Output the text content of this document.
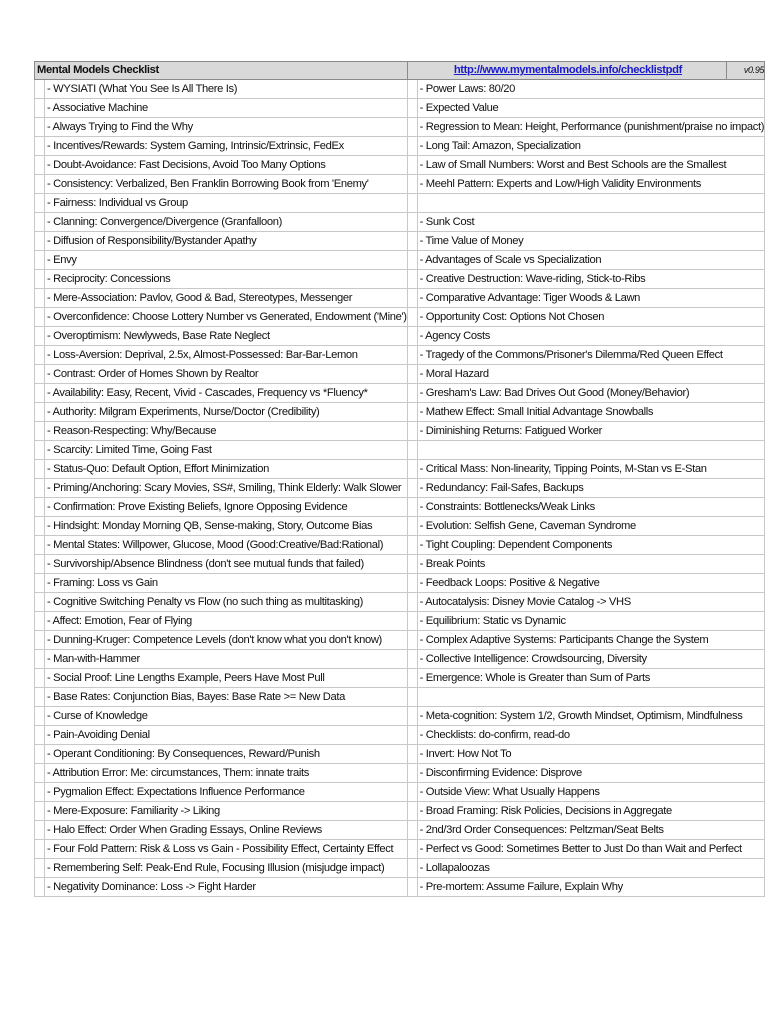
Mental Models Checklist		http://www.mymentalmodels.info/checklistpdf		v0.95
	- WYSIATI (What You See Is All There Is)		- Power Laws: 80/20	
	- Associative Machine		- Expected Value	
	- Always Trying to Find the Why		- Regression to Mean: Height, Performance (punishment/praise no impact)	
	- Incentives/Rewards: System Gaming, Intrinsic/Extrinsic, FedEx		- Long Tail: Amazon, Specialization	
	- Doubt-Avoidance: Fast Decisions, Avoid Too Many Options		- Law of Small Numbers: Worst and Best Schools are the Smallest	
	- Consistency: Verbalized, Ben Franklin Borrowing Book from 'Enemy'		- Meehl Pattern: Experts and Low/High Validity Environments	
	- Fairness: Individual vs Group			
	- Clanning: Convergence/Divergence (Granfalloon)		- Sunk Cost	
	- Diffusion of Responsibility/Bystander Apathy		- Time Value of Money	
	- Envy		- Advantages of Scale vs Specialization	
	- Reciprocity: Concessions		- Creative Destruction: Wave-riding, Stick-to-Ribs	
	- Mere-Association: Pavlov, Good & Bad, Stereotypes, Messenger		- Comparative Advantage: Tiger Woods & Lawn	
	- Overconfidence: Choose Lottery Number vs Generated, Endowment ('Mine')		- Opportunity Cost: Options Not Chosen	
	- Overoptimism: Newlyweds, Base Rate Neglect		- Agency Costs	
	- Loss-Aversion: Deprival, 2.5x, Almost-Possessed: Bar-Bar-Lemon		- Tragedy of the Commons/Prisoner's Dilemma/Red Queen Effect	
	- Contrast: Order of Homes Shown by Realtor		- Moral Hazard	
	- Availability: Easy, Recent, Vivid - Cascades, Frequency vs *Fluency*		- Gresham's Law: Bad Drives Out Good (Money/Behavior)	
	- Authority: Milgram Experiments, Nurse/Doctor (Credibility)		- Mathew Effect: Small Initial Advantage Snowballs	
	- Reason-Respecting: Why/Because		- Diminishing Returns: Fatigued Worker	
	- Scarcity: Limited Time, Going Fast			
	- Status-Quo: Default Option, Effort Minimization		- Critical Mass: Non-linearity, Tipping Points, M-Stan vs E-Stan	
	- Priming/Anchoring: Scary Movies, SS#, Smiling, Think Elderly: Walk Slower		- Redundancy: Fail-Safes, Backups	
	- Confirmation: Prove Existing Beliefs, Ignore Opposing Evidence		- Constraints: Bottlenecks/Weak Links	
	- Hindsight: Monday Morning QB, Sense-making, Story, Outcome Bias		- Evolution: Selfish Gene, Caveman Syndrome	
	- Mental States: Willpower, Glucose, Mood (Good:Creative/Bad:Rational)		- Tight Coupling: Dependent Components	
	- Survivorship/Absence Blindness (don't see mutual funds that failed)		- Break Points	
	- Framing: Loss vs Gain		- Feedback Loops: Positive & Negative	
	- Cognitive Switching Penalty vs Flow (no such thing as multitasking)		- Autocatalysis: Disney Movie Catalog -> VHS	
	- Affect: Emotion, Fear of Flying		- Equilibrium: Static vs Dynamic	
	- Dunning-Kruger: Competence Levels (don't know what you don't know)		- Complex Adaptive Systems: Participants Change the System	
	- Man-with-Hammer		- Collective Intelligence: Crowdsourcing, Diversity	
	- Social Proof: Line Lengths Example, Peers Have Most Pull		- Emergence: Whole is Greater than Sum of Parts	
	- Base Rates: Conjunction Bias, Bayes: Base Rate >= New Data			
	- Curse of Knowledge		- Meta-cognition: System 1/2, Growth Mindset, Optimism, Mindfulness	
	- Pain-Avoiding Denial		- Checklists: do-confirm, read-do	
	- Operant Conditioning: By Consequences, Reward/Punish		- Invert: How Not To	
	- Attribution Error: Me: circumstances, Them: innate traits		- Disconfirming Evidence: Disprove	
	- Pygmalion Effect: Expectations Influence Performance		- Outside View: What Usually Happens	
	- Mere-Exposure: Familiarity -> Liking		- Broad Framing: Risk Policies, Decisions in Aggregate	
	- Halo Effect: Order When Grading Essays, Online Reviews		- 2nd/3rd Order Consequences: Peltzman/Seat Belts	
	- Four Fold Pattern: Risk & Loss vs Gain - Possibility Effect, Certainty Effect		- Perfect vs Good: Sometimes Better to Just Do than Wait and Perfect	
	- Remembering Self: Peak-End Rule, Focusing Illusion (misjudge impact)		- Lollapaloozas	
	- Negativity Dominance: Loss -> Fight Harder		- Pre-mortem: Assume Failure, Explain Why	
